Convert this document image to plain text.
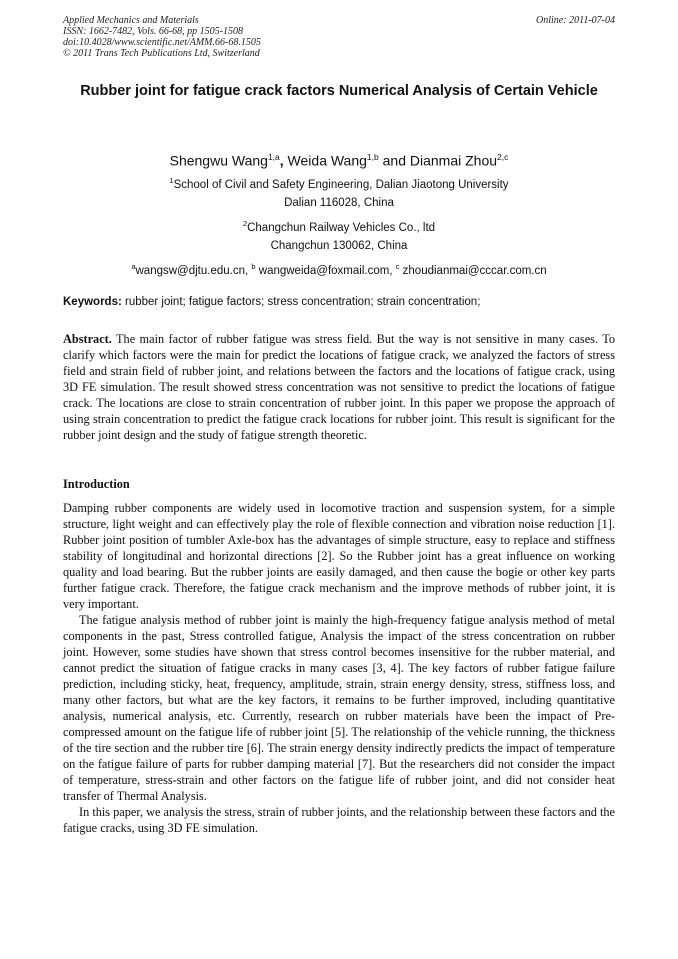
Applied Mechanics and Materials
ISSN: 1662-7482, Vols. 66-68, pp 1505-1508
doi:10.4028/www.scientific.net/AMM.66-68.1505
© 2011 Trans Tech Publications Ltd, Switzerland
Online: 2011-07-04
Rubber joint for fatigue crack factors Numerical Analysis of Certain Vehicle
Shengwu Wang$^{1,a}$, Weida Wang$^{1,b}$ and Dianmai Zhou$^{2,c}$
$^1$School of Civil and Safety Engineering, Dalian Jiaotong University
Dalian 116028, China
$^2$Changchun Railway Vehicles Co., ltd
Changchun 130062, China
$^a$wangsw@djtu.edu.cn, $^b$ wangweida@foxmail.com, $^c$ zhoudianmai@cccar.com.cn
Keywords: rubber joint; fatigue factors; stress concentration; strain concentration;
Abstract. The main factor of rubber fatigue was stress field. But the way is not sensitive in many cases. To clarify which factors were the main for predict the locations of fatigue crack, we analyzed the factors of stress field and strain field of rubber joint, and relations between the factors and the locations of fatigue crack, using 3D FE simulation. The result showed stress concentration was not sensitive to predict the locations of fatigue crack. The locations are close to strain concentration of rubber joint. In this paper we propose the approach of using strain concentration to predict the fatigue crack locations for rubber joint. This result is significant for the rubber joint design and the study of fatigue strength theoretic.
Introduction

Damping rubber components are widely used in locomotive traction and suspension system, for a simple structure, light weight and can effectively play the role of flexible connection and vibration noise reduction [1]. Rubber joint position of tumbler Axle-box has the advantages of simple structure, easy to replace and stiffness stability of longitudinal and horizontal directions [2]. So the Rubber joint has a great influence on working quality and load bearing. But the rubber joints are easily damaged, and then cause the bogie or other key parts further fatigue crack. Therefore, the fatigue crack mechanism and the improve methods of rubber joint, it is very important.

The fatigue analysis method of rubber joint is mainly the high-frequency fatigue analysis method of metal components in the past, Stress controlled fatigue, Analysis the impact of the stress concentration on rubber joint. However, some studies have shown that stress control becomes insensitive for the rubber material, and cannot predict the situation of fatigue cracks in many cases [3, 4]. The key factors of rubber fatigue failure prediction, including sticky, heat, frequency, amplitude, strain, strain energy density, stress, stiffness loss, and many other factors, but what are the key factors, it remains to be further improved, including quantitative analysis, numerical analysis, etc. Currently, research on rubber materials have been the impact of Pre-compressed amount on the fatigue life of rubber joint [5]. The relationship of the vehicle running, the thickness of the tire section and the rubber tire [6]. The strain energy density indirectly predicts the impact of temperature on the fatigue failure of parts for rubber damping material [7]. But the researchers did not consider the impact of temperature, stress-strain and other factors on the fatigue life of rubber joint, and did not consider heat transfer of Thermal Analysis.

In this paper, we analysis the stress, strain of rubber joints, and the relationship between these factors and the fatigue cracks, using 3D FE simulation.
